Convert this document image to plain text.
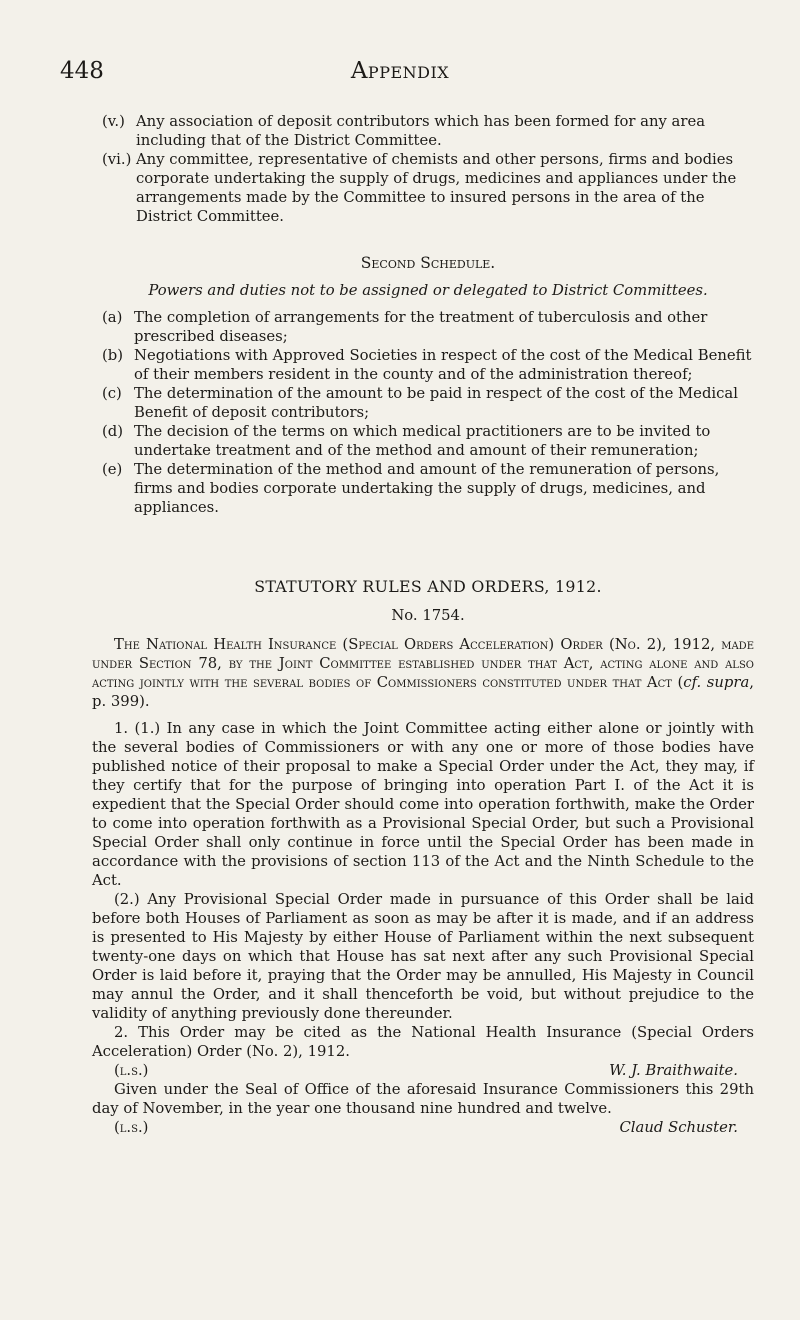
448	Appendix
(v.) Any association of deposit contributors which has been formed for any area including that of the District Committee.
(vi.) Any committee, representative of chemists and other persons, firms and bodies corporate undertaking the supply of drugs, medicines and appliances under the arrangements made by the Committee to insured persons in the area of the District Committee.
Second Schedule.
Powers and duties not to be assigned or delegated to District Committees.
(a) The completion of arrangements for the treatment of tuberculosis and other prescribed diseases;
(b) Negotiations with Approved Societies in respect of the cost of the Medical Benefit of their members resident in the county and of the administration thereof;
(c) The determination of the amount to be paid in respect of the cost of the Medical Benefit of deposit contributors;
(d) The decision of the terms on which medical practitioners are to be invited to undertake treatment and of the method and amount of their remuneration;
(e) The determination of the method and amount of the remuneration of persons, firms and bodies corporate undertaking the supply of drugs, medicines, and appliances.
STATUTORY RULES AND ORDERS, 1912.
No. 1754.

The National Health Insurance (Special Orders Acceleration) Order (No. 2), 1912, made under Section 78, by the Joint Committee established under that Act, acting alone and also acting jointly with the several bodies of Commissioners constituted under that Act (cf. supra, p. 399).

1. (1.) In any case in which the Joint Committee acting either alone or jointly with the several bodies of Commissioners or with any one or more of those bodies have published notice of their proposal to make a Special Order under the Act, they may, if they certify that for the purpose of bringing into operation Part I. of the Act it is expedient that the Special Order should come into operation forthwith, make the Order to come into operation forthwith as a Provisional Special Order, but such a Provisional Special Order shall only continue in force until the Special Order has been made in accordance with the provisions of section 113 of the Act and the Ninth Schedule to the Act.

(2.) Any Provisional Special Order made in pursuance of this Order shall be laid before both Houses of Parliament as soon as may be after it is made, and if an address is presented to His Majesty by either House of Parliament within the next subsequent twenty-one days on which that House has sat next after any such Provisional Special Order is laid before it, praying that the Order may be annulled, His Majesty in Council may annul the Order, and it shall thenceforth be void, but without prejudice to the validity of anything previously done thereunder.

2. This Order may be cited as the National Health Insurance (Special Orders Acceleration) Order (No. 2), 1912.

(l.s.)	W. J. Braithwaite.

Given under the Seal of Office of the aforesaid Insurance Commissioners this 29th day of November, in the year one thousand nine hundred and twelve.

(l.s.)	Claud Schuster.
